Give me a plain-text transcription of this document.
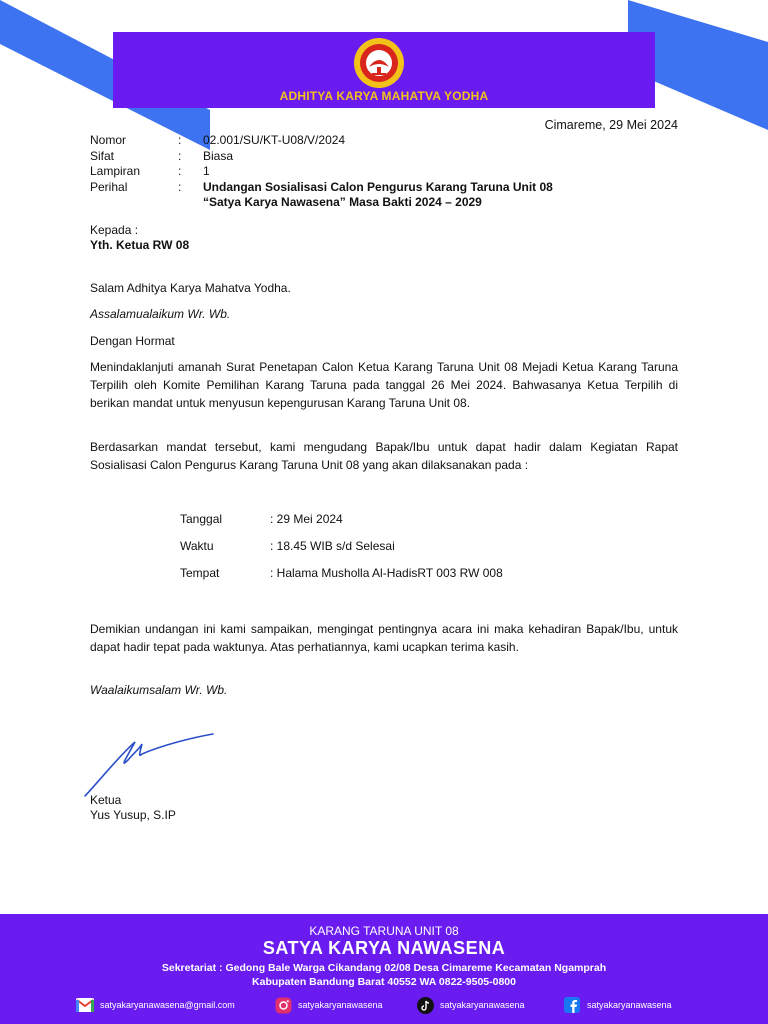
ADHITYA KARYA MAHATVA YODHA
Cimareme, 29 Mei 2024
Nomor	:	02.001/SU/KT-U08/V/2024
Sifat	:	Biasa
Lampiran	:	1
Perihal	:	Undangan Sosialisasi Calon Pengurus Karang Taruna Unit 08
“Satya Karya Nawasena” Masa Bakti 2024 – 2029
Kepada :
Yth. Ketua RW 08
Salam Adhitya Karya Mahatva Yodha.
Assalamualaikum Wr. Wb.
Dengan Hormat
Menindaklanjuti amanah Surat Penetapan Calon Ketua Karang Taruna Unit 08 Mejadi Ketua Karang Taruna Terpilih oleh Komite Pemilihan Karang Taruna pada tanggal 26 Mei 2024. Bahwasanya Ketua Terpilih di berikan mandat untuk menyusun kepengurusan Karang Taruna Unit 08.
Berdasarkan mandat tersebut, kami mengudang Bapak/Ibu untuk dapat hadir dalam Kegiatan Rapat Sosialisasi Calon Pengurus Karang Taruna Unit 08 yang akan dilaksanakan pada :
Tanggal	: 29 Mei 2024
Waktu	: 18.45 WIB s/d Selesai
Tempat	: Halama Musholla Al-HadisRT 003 RW 008
Demikian undangan ini kami sampaikan, mengingat pentingnya acara ini maka kehadiran Bapak/Ibu, untuk dapat hadir tepat pada waktunya. Atas perhatiannya, kami ucapkan terima kasih.
Waalaikumsalam Wr. Wb.
Ketua
Yus Yusup, S.IP
KARANG TARUNA UNIT 08
SATYA KARYA NAWASENA
Sekretariat : Gedong Bale Warga Cikandang 02/08 Desa Cimareme Kecamatan Ngamprah
Kabupaten Bandung Barat 40552 WA 0822-9505-0800
satyakaryanawasena@gmail.com	satyakaryanawasena	satyakaryanawasena	satyakaryanawasena
